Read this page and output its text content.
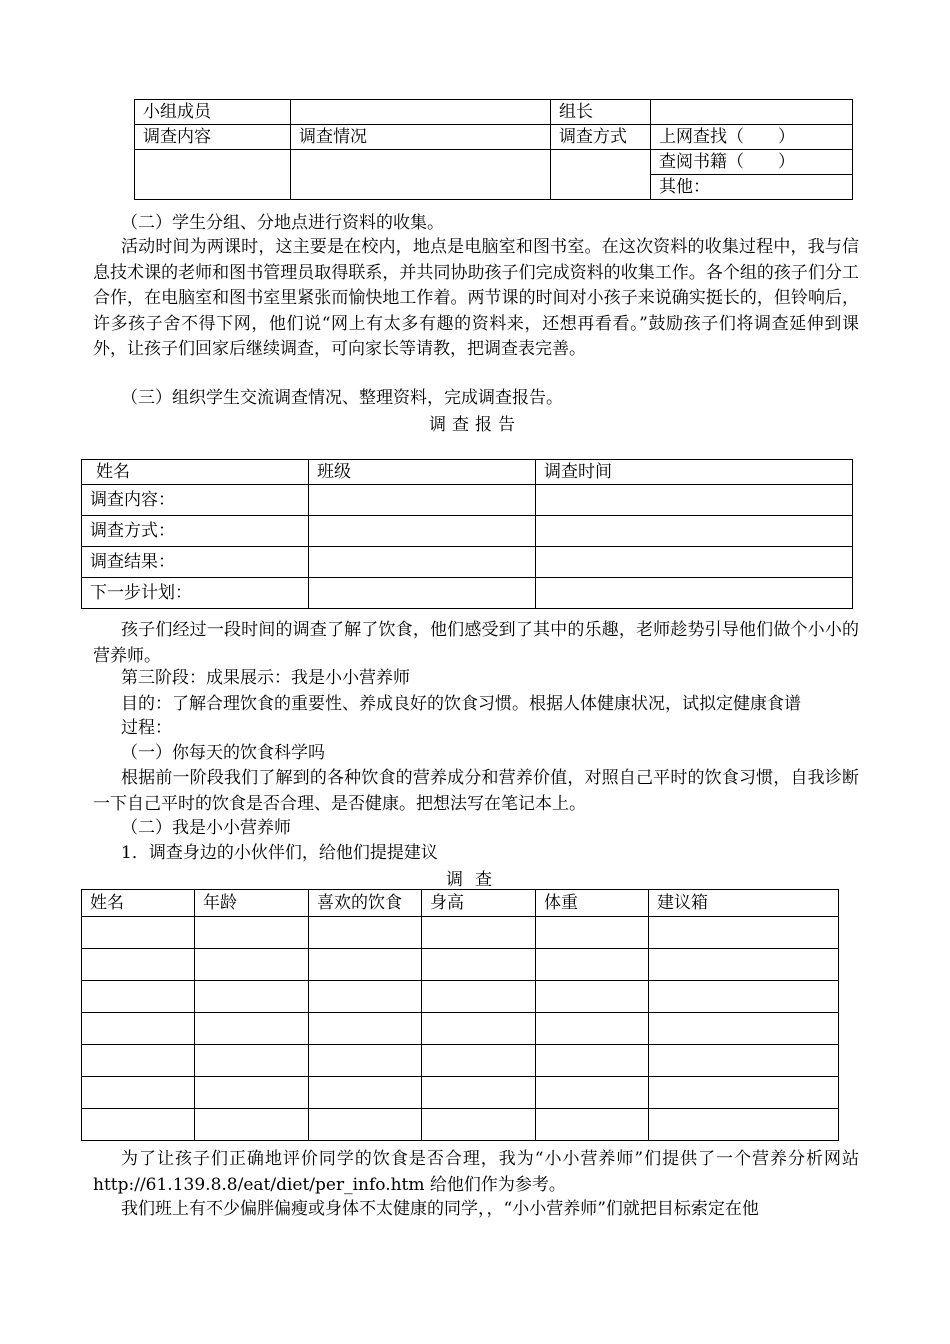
小组成员		组长	
调查内容	调查情况	调查方式	上网查找（　　）
			查阅书籍（　　）
			其他：
（二）学生分组、分地点进行资料的收集。
活动时间为两课时，这主要是在校内，地点是电脑室和图书室。在这次资料的收集过程中，我与信息技术课的老师和图书管理员取得联系，并共同协助孩子们完成资料的收集工作。各个组的孩子们分工合作，在电脑室和图书室里紧张而愉快地工作着。两节课的时间对小孩子来说确实挺长的，但铃响后，许多孩子舍不得下网，他们说“网上有太多有趣的资料来，还想再看看。”鼓励孩子们将调查延伸到课外，让孩子们回家后继续调查，可向家长等请教，把调查表完善。
（三）组织学生交流调查情况、整理资料，完成调查报告。
调查报告
姓名	班级	调查时间
调查内容：		
调查方式：		
调查结果：		
下一步计划：		
孩子们经过一段时间的调查了解了饮食，他们感受到了其中的乐趣，老师趁势引导他们做个小小的营养师。
第三阶段：成果展示：我是小小营养师
目的：了解合理饮食的重要性、养成良好的饮食习惯。根据人体健康状况，试拟定健康食谱
过程：
（一）你每天的饮食科学吗
根据前一阶段我们了解到的各种饮食的营养成分和营养价值，对照自己平时的饮食习惯，自我诊断一下自己平时的饮食是否合理、是否健康。把想法写在笔记本上。
（二）我是小小营养师
1．调查身边的小伙伴们，给他们提提建议
调查
姓名	年龄	喜欢的饮食	身高	体重	建议箱

为了让孩子们正确地评价同学的饮食是否合理，我为“小小营养师”们提供了一个营养分析网站 http://61.139.8.8/eat/diet/per_info.htm 给他们作为参考。
我们班上有不少偏胖偏瘦或身体不太健康的同学，，“小小营养师”们就把目标索定在他
